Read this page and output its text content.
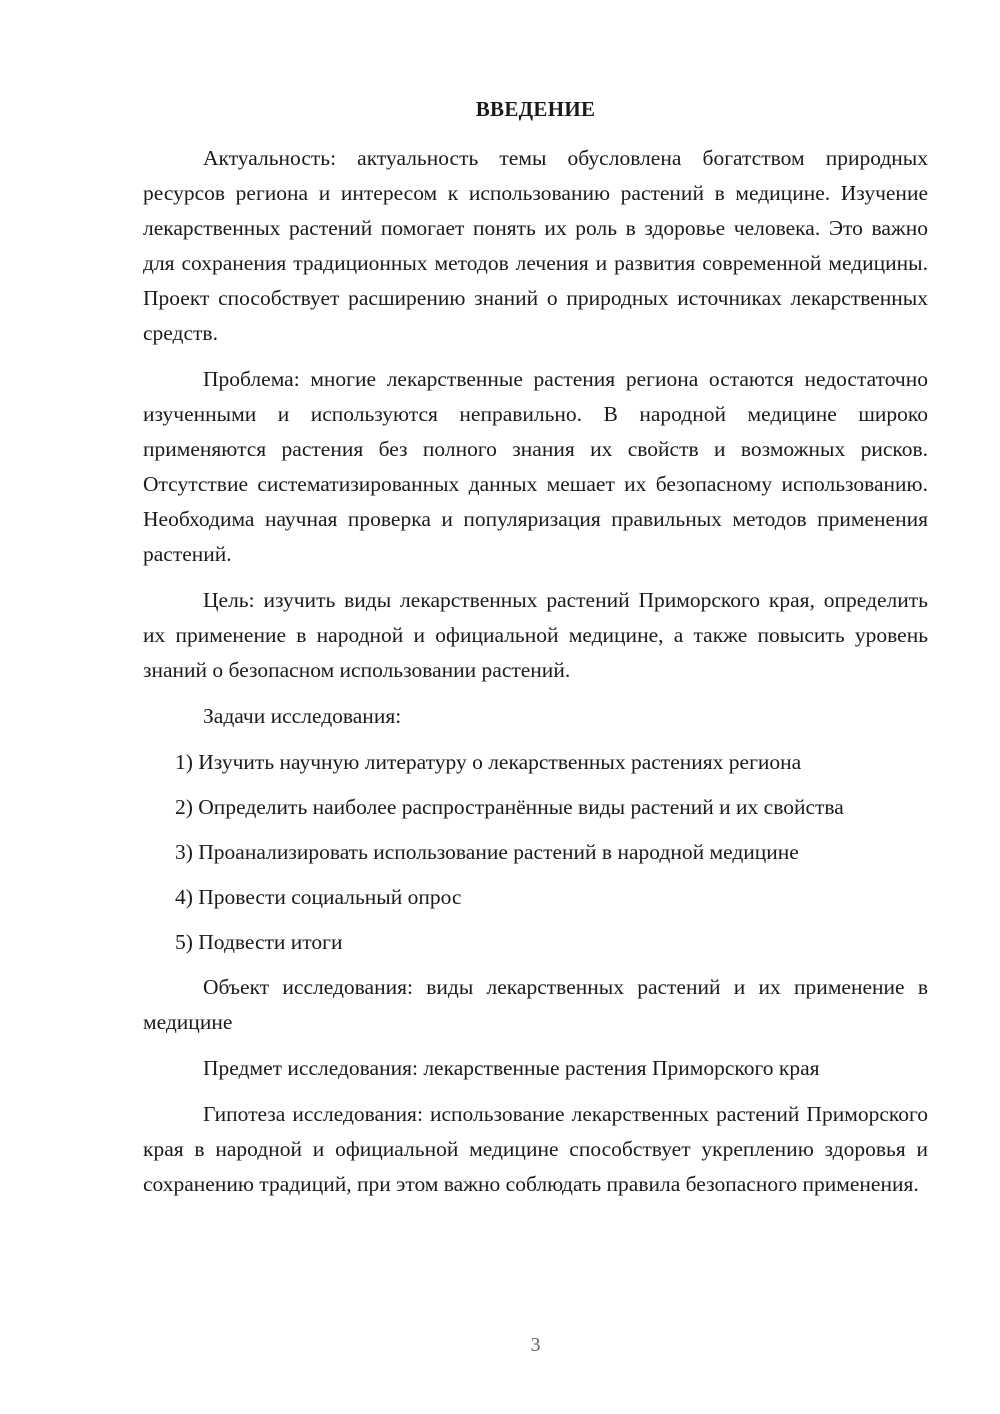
ВВЕДЕНИЕ

Актуальность: актуальность темы обусловлена богатством природных ресурсов региона и интересом к использованию растений в медицине. Изучение лекарственных растений помогает понять их роль в здоровье человека. Это важно для сохранения традиционных методов лечения и развития современной медицины. Проект способствует расширению знаний о природных источниках лекарственных средств.

Проблема: многие лекарственные растения региона остаются недостаточно изученными и используются неправильно. В народной медицине широко применяются растения без полного знания их свойств и возможных рисков. Отсутствие систематизированных данных мешает их безопасному использованию. Необходима научная проверка и популяризация правильных методов применения растений.

Цель: изучить виды лекарственных растений Приморского края, определить их применение в народной и официальной медицине, а также повысить уровень знаний о безопасном использовании растений.

Задачи исследования:

1) Изучить научную литературу о лекарственных растениях региона

2) Определить наиболее распространённые виды растений и их свойства

3) Проанализировать использование растений в народной медицине

4) Провести социальный опрос

5) Подвести итоги

Объект исследования: виды лекарственных растений и их применение в медицине

Предмет исследования: лекарственные растения Приморского края

Гипотеза исследования: использование лекарственных растений Приморского края в народной и официальной медицине способствует укреплению здоровья и сохранению традиций, при этом важно соблюдать правила безопасного применения.

3
